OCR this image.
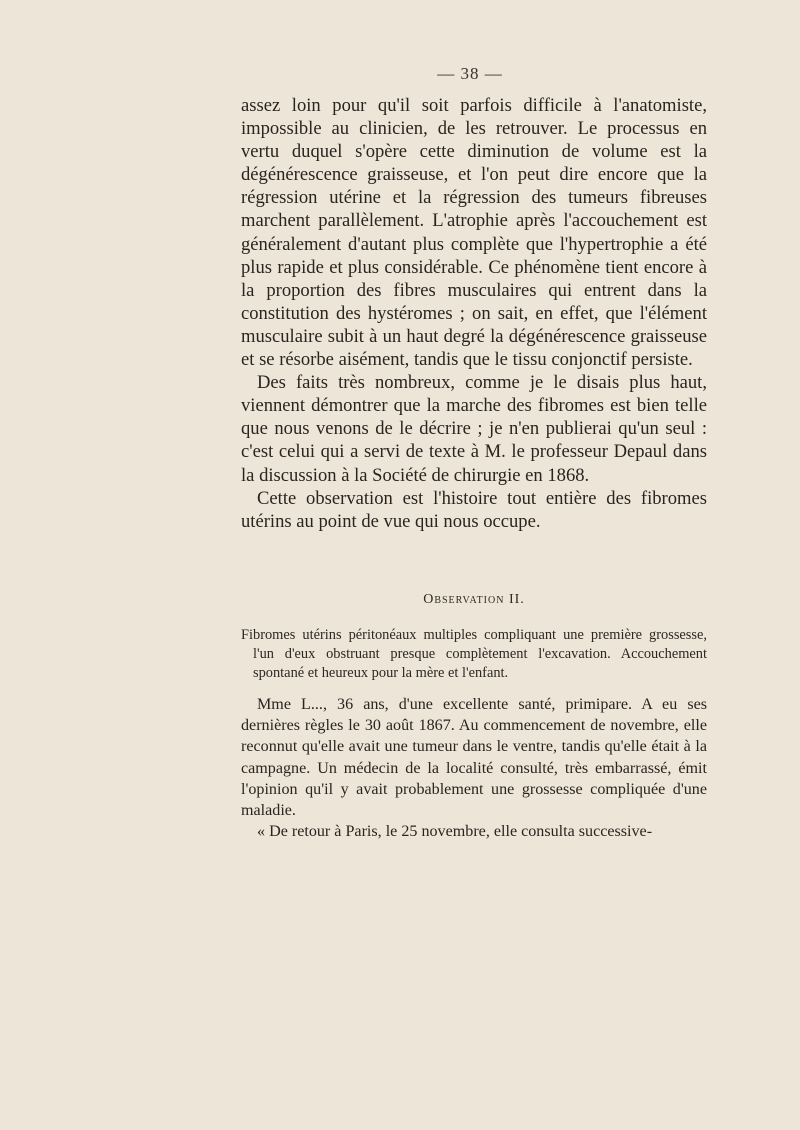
— 38 —

assez loin pour qu'il soit parfois difficile à l'anatomiste, impossible au clinicien, de les retrouver. Le processus en vertu duquel s'opère cette diminution de volume est la dégénérescence graisseuse, et l'on peut dire encore que la régression utérine et la régression des tumeurs fibreuses marchent parallèlement. L'atrophie après l'accouchement est généralement d'autant plus complète que l'hypertrophie a été plus rapide et plus considérable. Ce phénomène tient encore à la proportion des fibres musculaires qui entrent dans la constitution des hystéromes ; on sait, en effet, que l'élément musculaire subit à un haut degré la dégénérescence graisseuse et se résorbe aisément, tandis que le tissu conjonctif persiste.

Des faits très nombreux, comme je le disais plus haut, viennent démontrer que la marche des fibromes est bien telle que nous venons de le décrire ; je n'en publierai qu'un seul : c'est celui qui a servi de texte à M. le professeur Depaul dans la discussion à la Société de chirurgie en 1868.

Cette observation est l'histoire tout entière des fibromes utérins au point de vue qui nous occupe.

Observation II.

Fibromes utérins péritonéaux multiples compliquant une première grossesse, l'un d'eux obstruant presque complètement l'excavation. Accouchement spontané et heureux pour la mère et l'enfant.

Mme L..., 36 ans, d'une excellente santé, primipare. A eu ses dernières règles le 30 août 1867. Au commencement de novembre, elle reconnut qu'elle avait une tumeur dans le ventre, tandis qu'elle était à la campagne. Un médecin de la localité consulté, très embarrassé, émit l'opinion qu'il y avait probablement une grossesse compliquée d'une maladie.

« De retour à Paris, le 25 novembre, elle consulta successive-
